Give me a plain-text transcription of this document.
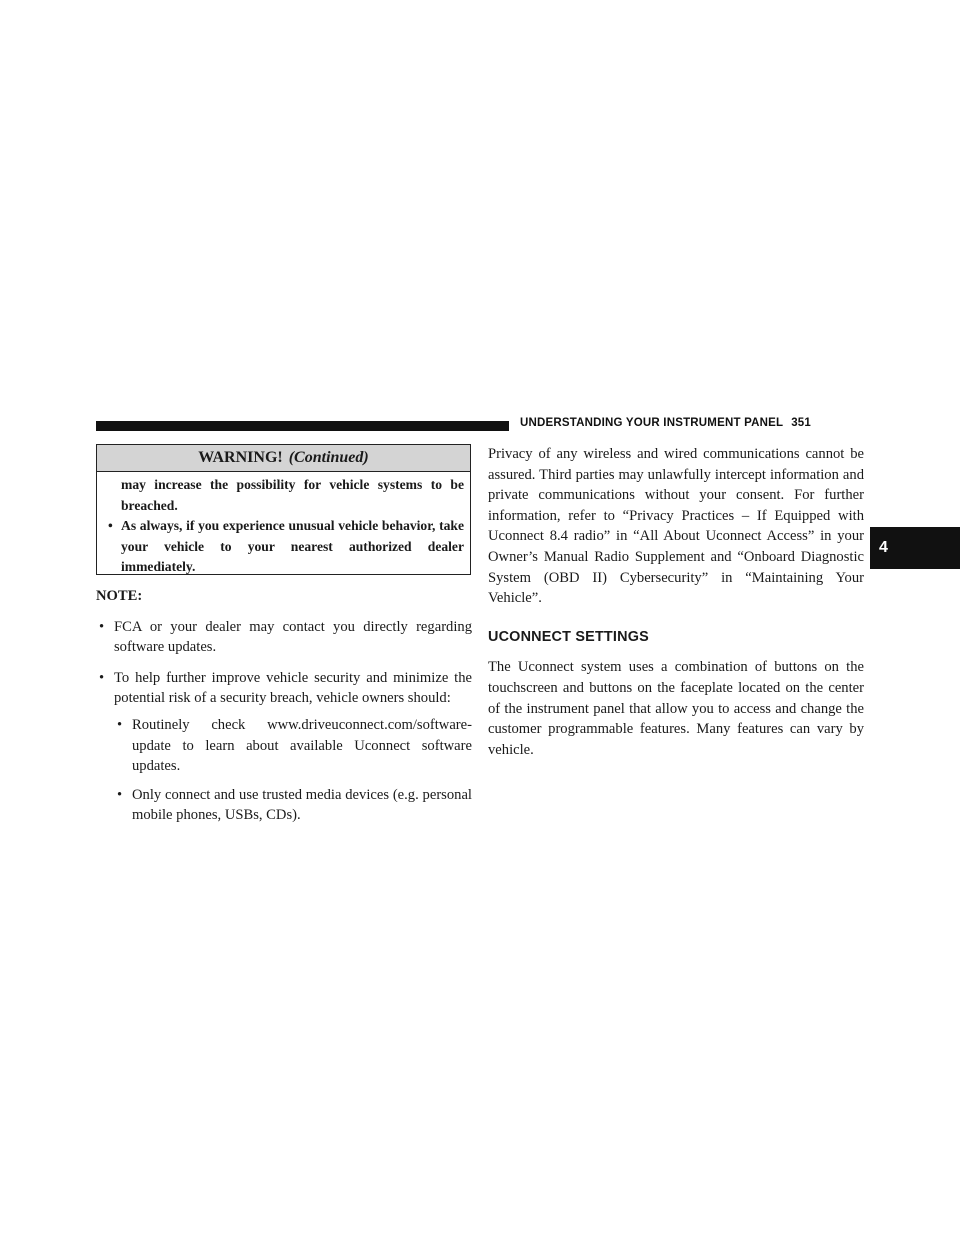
UNDERSTANDING YOUR INSTRUMENT PANEL 351
4
WARNING! (Continued)
may increase the possibility for vehicle systems to be breached.
• As always, if you experience unusual vehicle behavior, take your vehicle to your nearest authorized dealer immediately.

NOTE:

• FCA or your dealer may contact you directly regarding software updates.
• To help further improve vehicle security and minimize the potential risk of a security breach, vehicle owners should:
• Routinely check www.driveuconnect.com/software-update to learn about available Uconnect software updates.
• Only connect and use trusted media devices (e.g. personal mobile phones, USBs, CDs).

Privacy of any wireless and wired communications cannot be assured. Third parties may unlawfully intercept information and private communications without your consent. For further information, refer to “Privacy Practices – If Equipped with Uconnect 8.4 radio” in “All About Uconnect Access” in your Owner’s Manual Radio Supplement and “Onboard Diagnostic System (OBD II) Cybersecurity” in “Maintaining Your Vehicle”.

UCONNECT SETTINGS

The Uconnect system uses a combination of buttons on the touchscreen and buttons on the faceplate located on the center of the instrument panel that allow you to access and change the customer programmable features. Many features can vary by vehicle.
